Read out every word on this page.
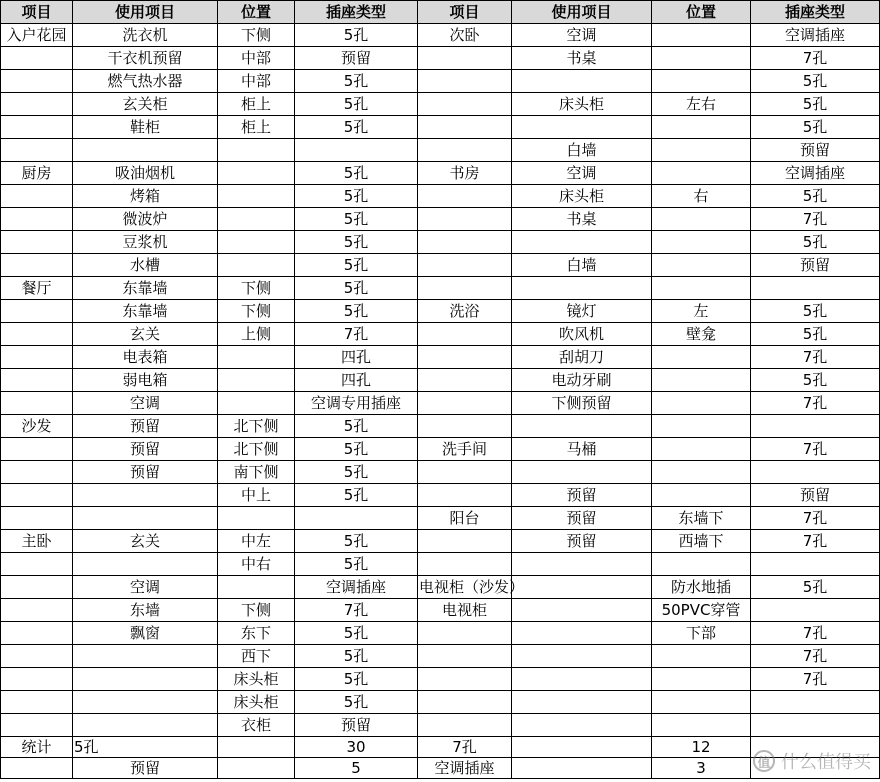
项目	使用项目	位置	插座类型	项目	使用项目	位置	插座类型
入户花园	洗衣机	下侧	5孔	次卧	空调		空调插座
	干衣机预留	中部	预留		书桌		7孔
	燃气热水器	中部	5孔				5孔
	玄关柜	柜上	5孔		床头柜	左右	5孔
	鞋柜	柜上	5孔				5孔
					白墙		预留
厨房	吸油烟机		5孔	书房	空调		空调插座
	烤箱		5孔		床头柜	右	5孔
	微波炉		5孔		书桌		7孔
	豆浆机		5孔				5孔
	水槽		5孔		白墙		预留
餐厅	东靠墙	下侧	5孔				
	东靠墙	下侧	5孔	洗浴	镜灯	左	5孔
	玄关	上侧	7孔		吹风机	壁龛	5孔
	电表箱		四孔		刮胡刀		7孔
	弱电箱		四孔		电动牙刷		5孔
	空调		空调专用插座		下侧预留		7孔
沙发	预留	北下侧	5孔				
	预留	北下侧	5孔	洗手间	马桶		7孔
	预留	南下侧	5孔				
		中上	5孔		预留		预留
				阳台	预留	东墙下	7孔
主卧	玄关	中左	5孔		预留	西墙下	7孔
		中右	5孔				
	空调		空调插座	电视柜（沙发）		防水地插	5孔
	东墙	下侧	7孔	电视柜		50PVC穿管	
	飘窗	东下	5孔			下部	7孔
		西下	5孔				7孔
		床头柜	5孔				7孔
		床头柜	5孔				
		衣柜	预留				
统计	5孔		30	7孔		12	
	预留		5	空调插座		3		值 什么值得买
